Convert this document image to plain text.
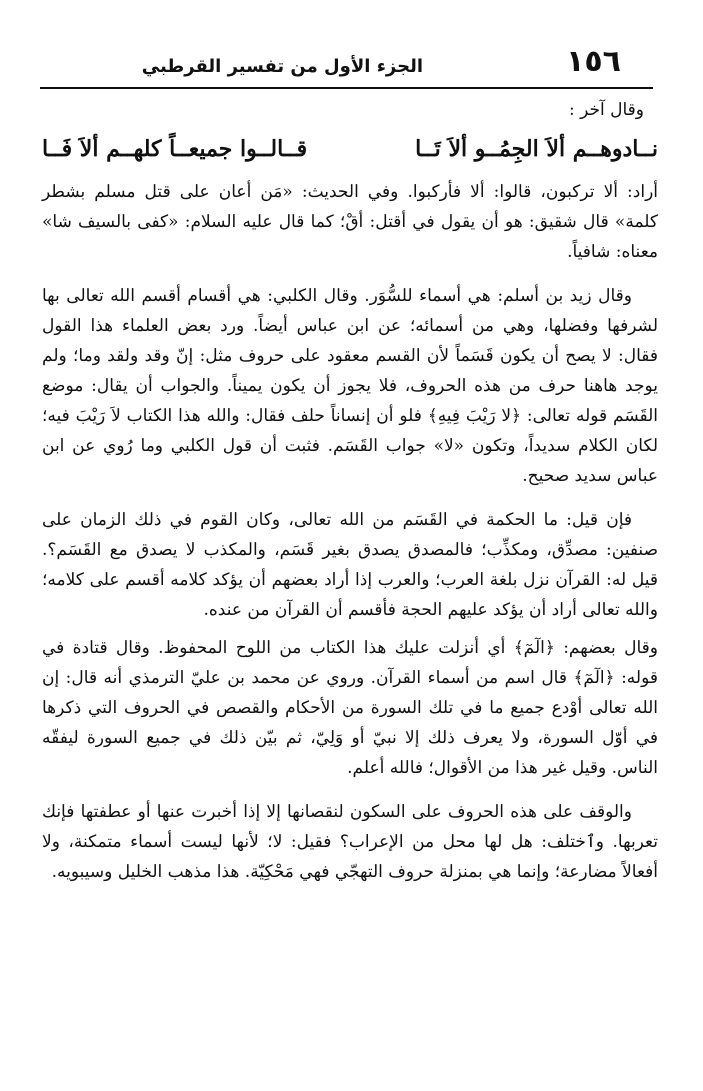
١٥٦
الجزء الأول من تفسير القرطبي

وقال آخر :

نــادوهــم ألاَ الجِمُــو ألاَ تَــا
قــالــوا جميعــاً كلهــم ألاَ فَــا

أراد: ألا تركبون، قالوا: ألا فأركبوا. وفي الحديث: «مَن أعان على قتل مسلم بشطر كلمة» قال شقيق: هو أن يقول في أقتل: أقْ؛ كما قال عليه السلام: «كفى بالسيف شا» معناه: شافياً.

وقال زيد بن أسلم: هي أسماء للسُّوَر. وقال الكلبي: هي أقسام أقسم الله تعالى بها لشرفها وفضلها، وهي من أسمائه؛ عن ابن عباس أيضاً. ورد بعض العلماء هذا القول فقال: لا يصح أن يكون قَسَماً لأن القسم معقود على حروف مثل: إنّ وقد ولقد وما؛ ولم يوجد هاهنا حرف من هذه الحروف، فلا يجوز أن يكون يميناً. والجواب أن يقال: موضع القَسَم قوله تعالى: ﴿لا رَيْبَ فِيهِ﴾ فلو أن إنساناً حلف فقال: والله هذا الكتاب لاَ رَيْبَ فيه؛ لكان الكلام سديداً، وتكون «لا» جواب القَسَم. فثبت أن قول الكلبي وما رُوي عن ابن عباس سديد صحيح.

فإن قيل: ما الحكمة في القَسَم من الله تعالى، وكان القوم في ذلك الزمان على صنفين: مصدِّق، ومكذِّب؛ فالمصدق يصدق بغير قَسَم، والمكذب لا يصدق مع القَسَم؟. قيل له: القرآن نزل بلغة العرب؛ والعرب إذا أراد بعضهم أن يؤكد كلامه أقسم على كلامه؛ والله تعالى أراد أن يؤكد عليهم الحجة فأقسم أن القرآن من عنده.

وقال بعضهم: ﴿الٓمٓ﴾ أي أنزلت عليك هذا الكتاب من اللوح المحفوظ. وقال قتادة في قوله: ﴿الٓمٓ﴾ قال اسم من أسماء القرآن. وروي عن محمد بن عليّ الترمذي أنه قال: إن الله تعالى أوْدع جميع ما في تلك السورة من الأحكام والقصص في الحروف التي ذكرها في أوّل السورة، ولا يعرف ذلك إلا نبيّ أو وَلِيّ، ثم بيّن ذلك في جميع السورة ليفقّه الناس. وقيل غير هذا من الأقوال؛ فالله أعلم.

والوقف على هذه الحروف على السكون لنقصانها إلا إذا أخبرت عنها أو عطفتها فإنك تعربها. وٱختلف: هل لها محل من الإعراب؟ فقيل: لا؛ لأنها ليست أسماء متمكنة، ولا أفعالاً مضارعة؛ وإنما هي بمنزلة حروف التهجّي فهي مَحْكِيّة. هذا مذهب الخليل وسيبويه.
